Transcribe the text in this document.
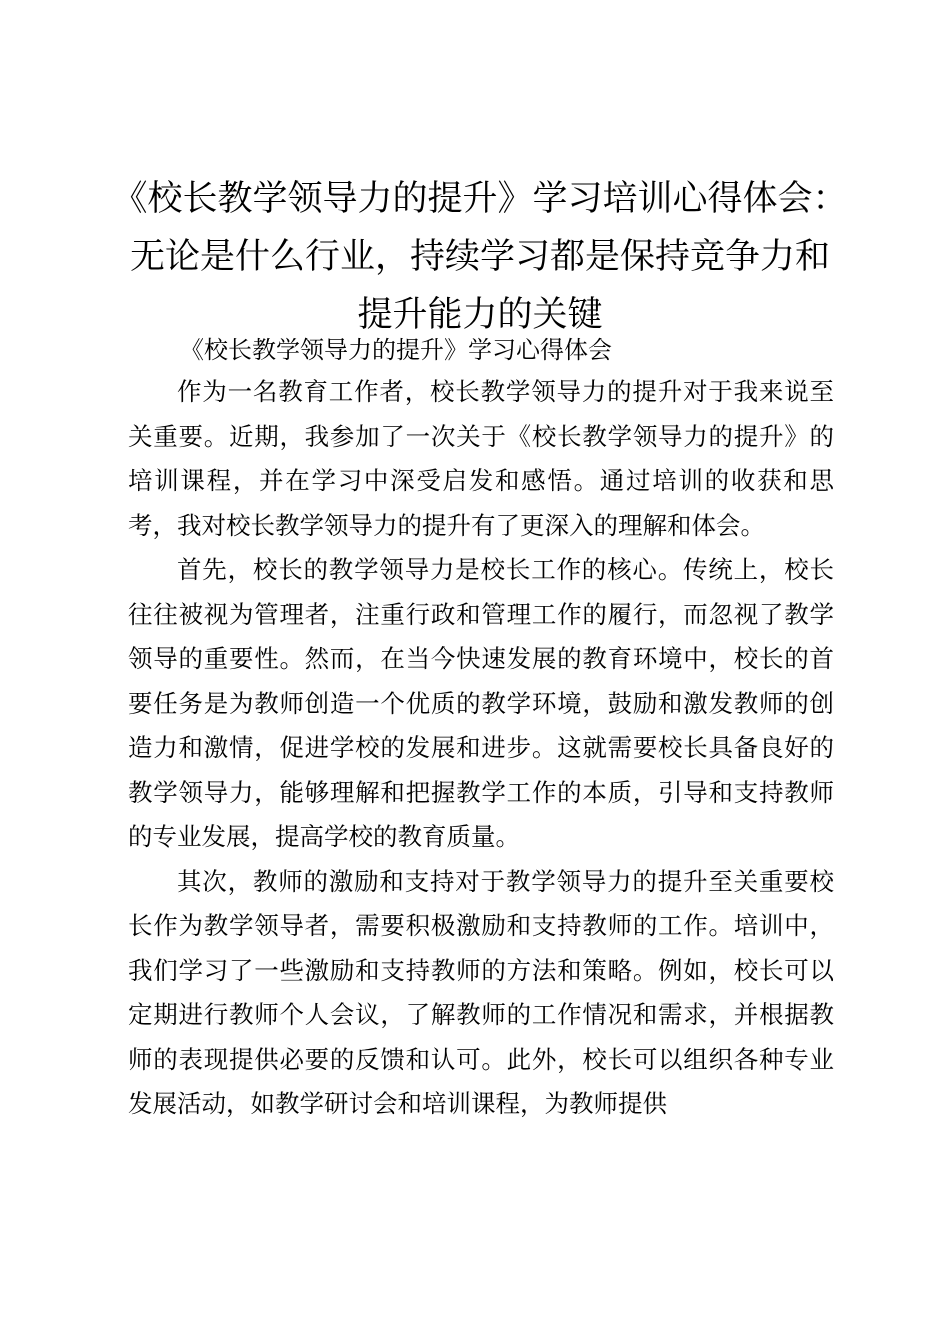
《校长教学领导力的提升》学习培训心得体会：
无论是什么行业，持续学习都是保持竞争力和
提升能力的关键

《校长教学领导力的提升》学习心得体会

作为一名教育工作者，校长教学领导力的提升对于我来说至关重要。近期，我参加了一次关于《校长教学领导力的提升》的培训课程，并在学习中深受启发和感悟。通过培训的收获和思考，我对校长教学领导力的提升有了更深入的理解和体会。

首先，校长的教学领导力是校长工作的核心。传统上，校长往往被视为管理者，注重行政和管理工作的履行，而忽视了教学领导的重要性。然而，在当今快速发展的教育环境中，校长的首要任务是为教师创造一个优质的教学环境，鼓励和激发教师的创造力和激情，促进学校的发展和进步。这就需要校长具备良好的教学领导力，能够理解和把握教学工作的本质，引导和支持教师的专业发展，提高学校的教育质量。

其次，教师的激励和支持对于教学领导力的提升至关重要校长作为教学领导者，需要积极激励和支持教师的工作。培训中，我们学习了一些激励和支持教师的方法和策略。例如，校长可以定期进行教师个人会议，了解教师的工作情况和需求，并根据教师的表现提供必要的反馈和认可。此外，校长可以组织各种专业发展活动，如教学研讨会和培训课程，为教师提供
